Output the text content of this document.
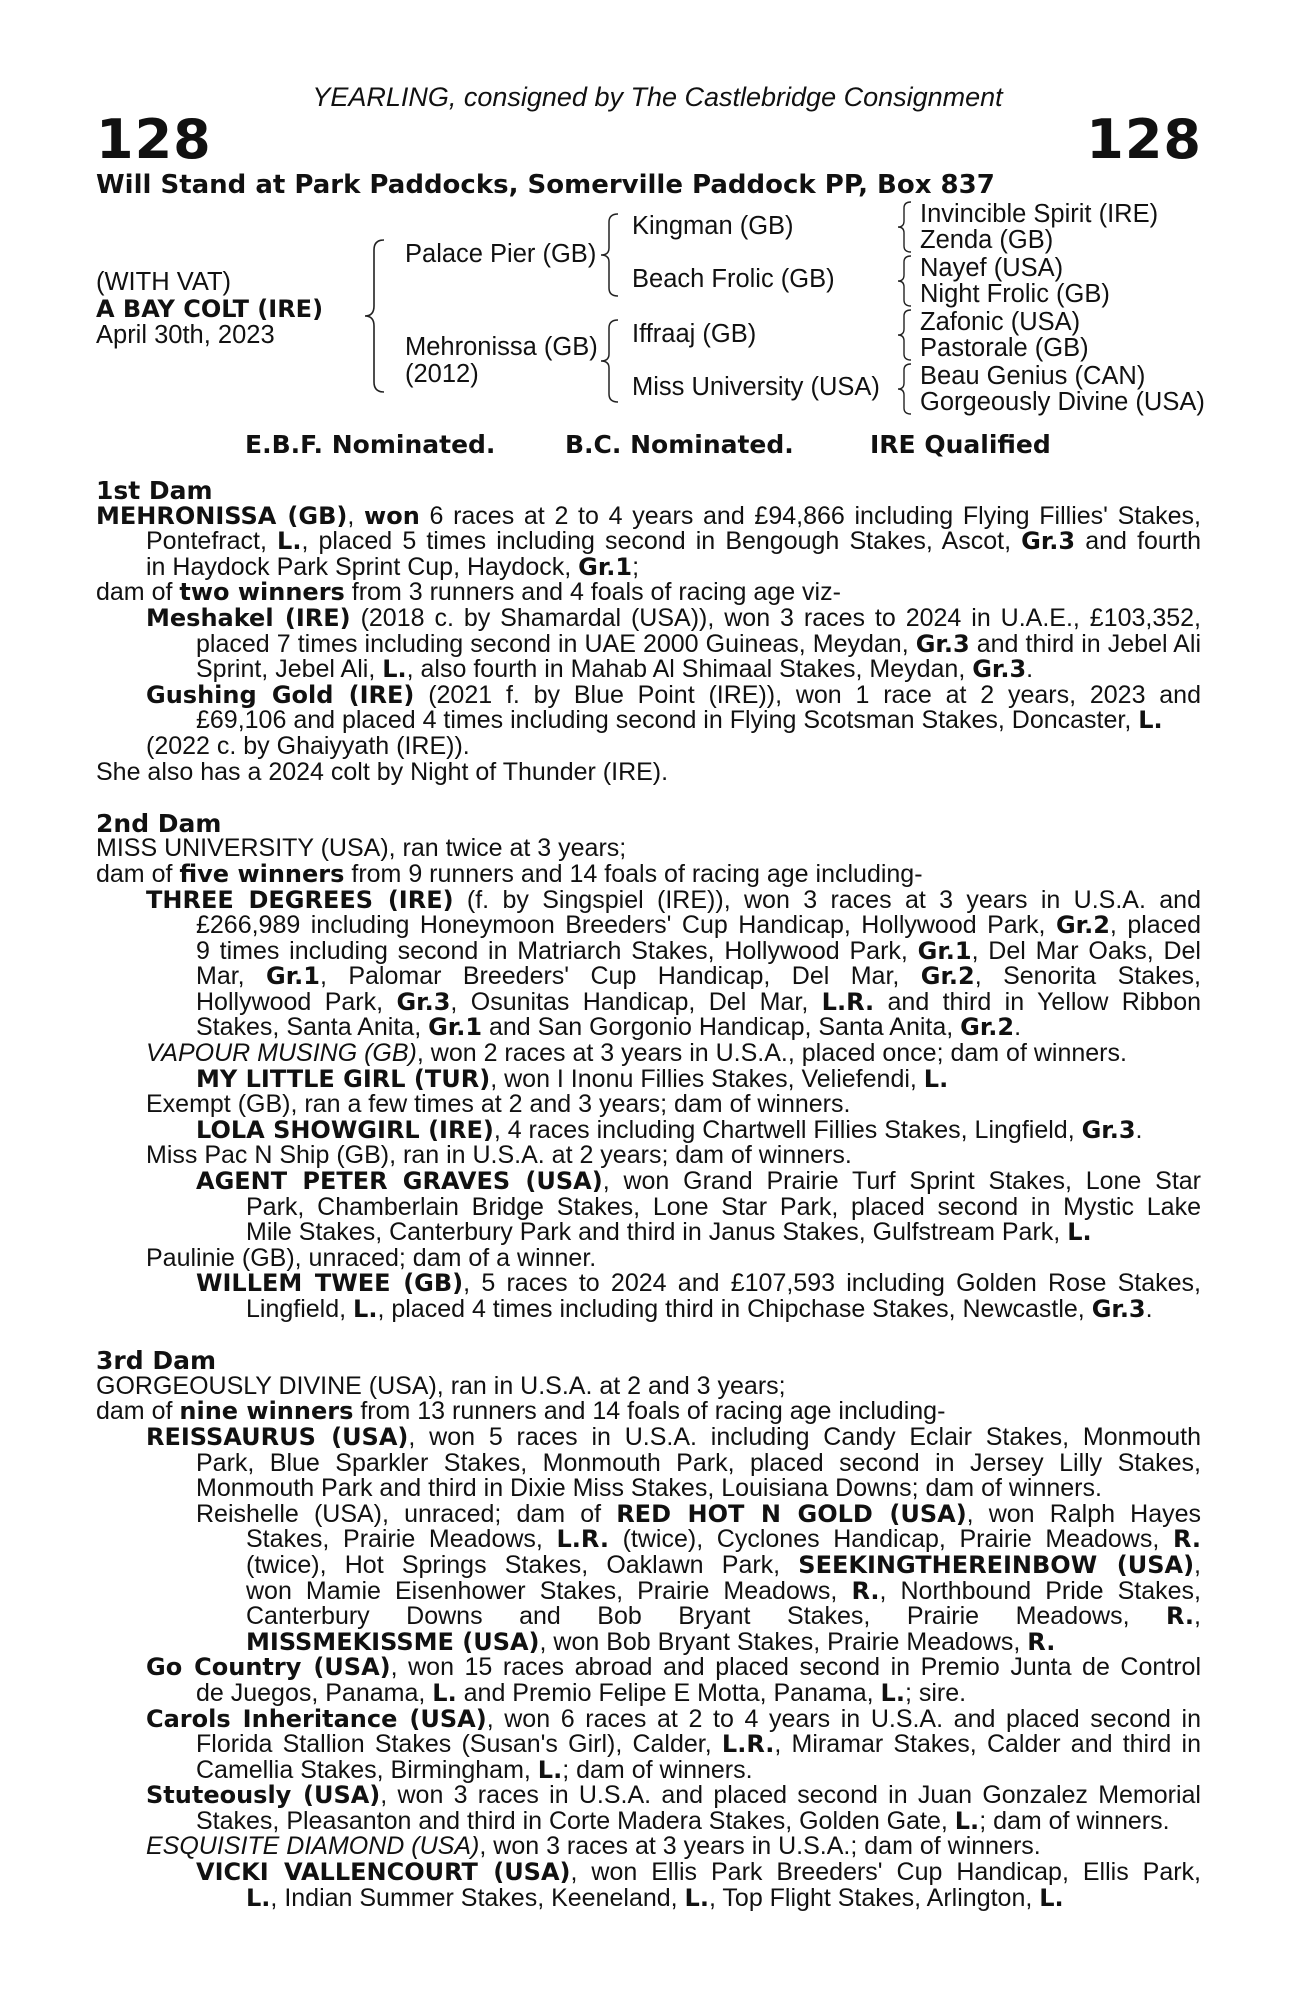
YEARLING, consigned by The Castlebridge Consignment
128	128
Will Stand at Park Paddocks, Somerville Paddock PP, Box 837
(WITH VAT)
A BAY COLT (IRE)
April 30th, 2023
Palace Pier (GB)
Mehronissa (GB)
(2012)
Kingman (GB)
Beach Frolic (GB)
Iffraaj (GB)
Miss University (USA)
Invincible Spirit (IRE)
Zenda (GB)
Nayef (USA)
Night Frolic (GB)
Zafonic (USA)
Pastorale (GB)
Beau Genius (CAN)
Gorgeously Divine (USA)
E.B.F. Nominated.	B.C. Nominated.	IRE Qualified
1st Dam
MEHRONISSA (GB), won 6 races at 2 to 4 years and £94,866 including Flying Fillies' Stakes,
Pontefract, L., placed 5 times including second in Bengough Stakes, Ascot, Gr.3 and fourth
in Haydock Park Sprint Cup, Haydock, Gr.1;
dam of two winners from 3 runners and 4 foals of racing age viz-
Meshakel (IRE) (2018 c. by Shamardal (USA)), won 3 races to 2024 in U.A.E., £103,352,
placed 7 times including second in UAE 2000 Guineas, Meydan, Gr.3 and third in Jebel Ali
Sprint, Jebel Ali, L., also fourth in Mahab Al Shimaal Stakes, Meydan, Gr.3.
Gushing Gold (IRE) (2021 f. by Blue Point (IRE)), won 1 race at 2 years, 2023 and
£69,106 and placed 4 times including second in Flying Scotsman Stakes, Doncaster, L.
(2022 c. by Ghaiyyath (IRE)).
She also has a 2024 colt by Night of Thunder (IRE).
2nd Dam
MISS UNIVERSITY (USA), ran twice at 3 years;
dam of five winners from 9 runners and 14 foals of racing age including-
THREE DEGREES (IRE) (f. by Singspiel (IRE)), won 3 races at 3 years in U.S.A. and
£266,989 including Honeymoon Breeders' Cup Handicap, Hollywood Park, Gr.2, placed
9 times including second in Matriarch Stakes, Hollywood Park, Gr.1, Del Mar Oaks, Del
Mar, Gr.1, Palomar Breeders' Cup Handicap, Del Mar, Gr.2, Senorita Stakes,
Hollywood Park, Gr.3, Osunitas Handicap, Del Mar, L.R. and third in Yellow Ribbon
Stakes, Santa Anita, Gr.1 and San Gorgonio Handicap, Santa Anita, Gr.2.
VAPOUR MUSING (GB), won 2 races at 3 years in U.S.A., placed once; dam of winners.
MY LITTLE GIRL (TUR), won I Inonu Fillies Stakes, Veliefendi, L.
Exempt (GB), ran a few times at 2 and 3 years; dam of winners.
LOLA SHOWGIRL (IRE), 4 races including Chartwell Fillies Stakes, Lingfield, Gr.3.
Miss Pac N Ship (GB), ran in U.S.A. at 2 years; dam of winners.
AGENT PETER GRAVES (USA), won Grand Prairie Turf Sprint Stakes, Lone Star
Park, Chamberlain Bridge Stakes, Lone Star Park, placed second in Mystic Lake
Mile Stakes, Canterbury Park and third in Janus Stakes, Gulfstream Park, L.
Paulinie (GB), unraced; dam of a winner.
WILLEM TWEE (GB), 5 races to 2024 and £107,593 including Golden Rose Stakes,
Lingfield, L., placed 4 times including third in Chipchase Stakes, Newcastle, Gr.3.
3rd Dam
GORGEOUSLY DIVINE (USA), ran in U.S.A. at 2 and 3 years;
dam of nine winners from 13 runners and 14 foals of racing age including-
REISSAURUS (USA), won 5 races in U.S.A. including Candy Eclair Stakes, Monmouth
Park, Blue Sparkler Stakes, Monmouth Park, placed second in Jersey Lilly Stakes,
Monmouth Park and third in Dixie Miss Stakes, Louisiana Downs; dam of winners.
Reishelle (USA), unraced; dam of RED HOT N GOLD (USA), won Ralph Hayes
Stakes, Prairie Meadows, L.R. (twice), Cyclones Handicap, Prairie Meadows, R.
(twice), Hot Springs Stakes, Oaklawn Park, SEEKINGTHEREINBOW (USA),
won Mamie Eisenhower Stakes, Prairie Meadows, R., Northbound Pride Stakes,
Canterbury Downs and Bob Bryant Stakes, Prairie Meadows, R.,
MISSMEKISSME (USA), won Bob Bryant Stakes, Prairie Meadows, R.
Go Country (USA), won 15 races abroad and placed second in Premio Junta de Control
de Juegos, Panama, L. and Premio Felipe E Motta, Panama, L.; sire.
Carols Inheritance (USA), won 6 races at 2 to 4 years in U.S.A. and placed second in
Florida Stallion Stakes (Susan's Girl), Calder, L.R., Miramar Stakes, Calder and third in
Camellia Stakes, Birmingham, L.; dam of winners.
Stuteously (USA), won 3 races in U.S.A. and placed second in Juan Gonzalez Memorial
Stakes, Pleasanton and third in Corte Madera Stakes, Golden Gate, L.; dam of winners.
ESQUISITE DIAMOND (USA), won 3 races at 3 years in U.S.A.; dam of winners.
VICKI VALLENCOURT (USA), won Ellis Park Breeders' Cup Handicap, Ellis Park,
L., Indian Summer Stakes, Keeneland, L., Top Flight Stakes, Arlington, L.
